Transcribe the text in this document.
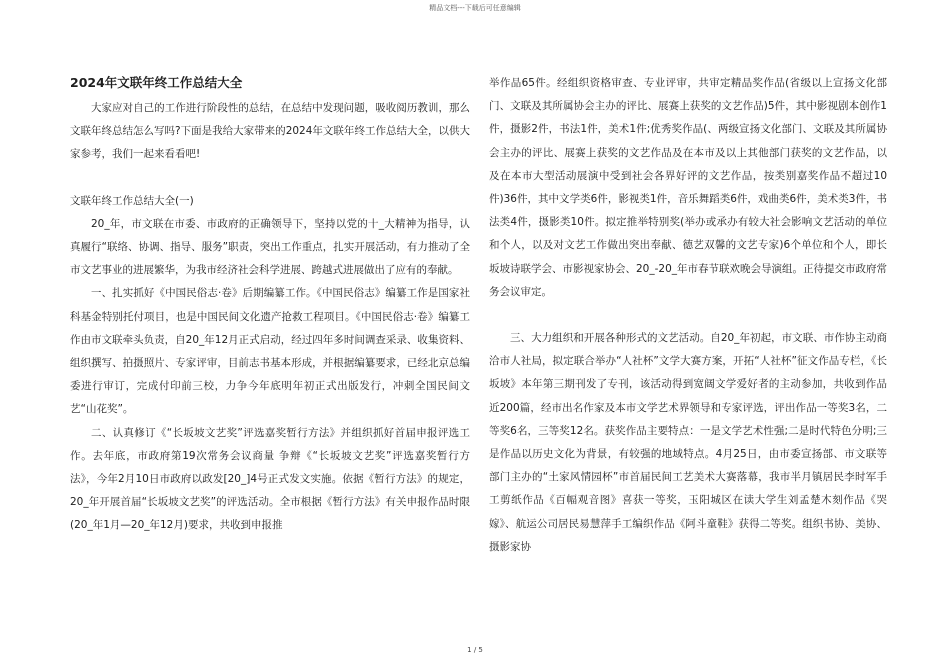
精品文档---下载后可任意编辑

2024年文联年终工作总结大全

大家应对自己的工作进行阶段性的总结，在总结中发现问题，吸收阅历教训，那么文联年终总结怎么写吗?下面是我给大家带来的2024年文联年终工作总结大全，以供大家参考，我们一起来看看吧!

文联年终工作总结大全(一)

20_年，市文联在市委、市政府的正确领导下，坚持以党的十_大精神为指导，认真履行“联络、协调、指导、服务”职责，突出工作重点，扎实开展活动，有力推动了全市文艺事业的进展繁华，为我市经济社会科学进展、跨越式进展做出了应有的奉献。

一、扎实抓好《中国民俗志·卷》后期编纂工作。《中国民俗志》编纂工作是国家社科基金特别托付项目，也是中国民间文化遗产抢救工程项目。《中国民俗志·卷》编纂工作由市文联牵头负责，自20_年12月正式启动，经过四年多时间调查采录、收集资料、组织撰写、拍摄照片、专家评审，目前志书基本形成，并根据编纂要求，已经北京总编委进行审订，完成付印前三校，力争今年底明年初正式出版发行，冲刺全国民间文艺“山花奖”。

二、认真修订《“长坂坡文艺奖”评选嘉奖暂行方法》并组织抓好首届申报评选工作。去年底，市政府第19次常务会议商量 争辩《“长坂坡文艺奖”评选嘉奖暂行方法》，今年2月10日市政府以政发[20_]4号正式发文实施。依据《暂行方法》的规定，20_年开展首届“长坂坡文艺奖”的评选活动。全市根据《暂行方法》有关申报作品时限(20_年1月—20_年12月)要求，共收到申报推

举作品65件。经组织资格审查、专业评审，共审定精品奖作品(省级以上宣扬文化部门、文联及其所属协会主办的评比、展赛上获奖的文艺作品)5件，其中影视剧本创作1件，摄影2件，书法1件，美术1件;优秀奖作品(、两级宣扬文化部门、文联及其所属协会主办的评比、展赛上获奖的文艺作品及在本市及以上其他部门获奖的文艺作品，以及在本市大型活动展演中受到社会各界好评的文艺作品，按类别嘉奖作品不超过10件)36件，其中文学类6件，影视类1件，音乐舞蹈类6件，戏曲类6件，美术类3件，书法类4件，摄影类10件。拟定推举特别奖(举办或承办有较大社会影响文艺活动的单位和个人，以及对文艺工作做出突出奉献、德艺双馨的文艺专家)6个单位和个人，即长坂坡诗联学会、市影视家协会、20_-20_年市春节联欢晚会导演组。正待提交市政府常务会议审定。

三、大力组织和开展各种形式的文艺活动。自20_年初起，市文联、市作协主动商洽市人社局，拟定联合举办“人社杯”文学大赛方案，开拓“人社杯”征文作品专栏，《长坂坡》本年第三期刊发了专刊，该活动得到宽阔文学爱好者的主动参加，共收到作品近200篇，经市出名作家及本市文学艺术界领导和专家评选，评出作品一等奖3名，二等奖6名，三等奖12名。获奖作品主要特点：一是文学艺术性强;二是时代特色分明;三是作品以历史文化为背景，有较强的地域特点。4月25日，由市委宣扬部、市文联等部门主办的“土家风情园杯”市首届民间工艺美术大赛落幕，我市半月镇居民李时军手工剪纸作品《百幅观音图》喜获一等奖，玉阳城区在读大学生刘孟楚木刻作品《哭嫁》、航运公司居民易慧萍手工编织作品《阿斗童鞋》获得二等奖。组织书协、美协、摄影家协

1 / 5
